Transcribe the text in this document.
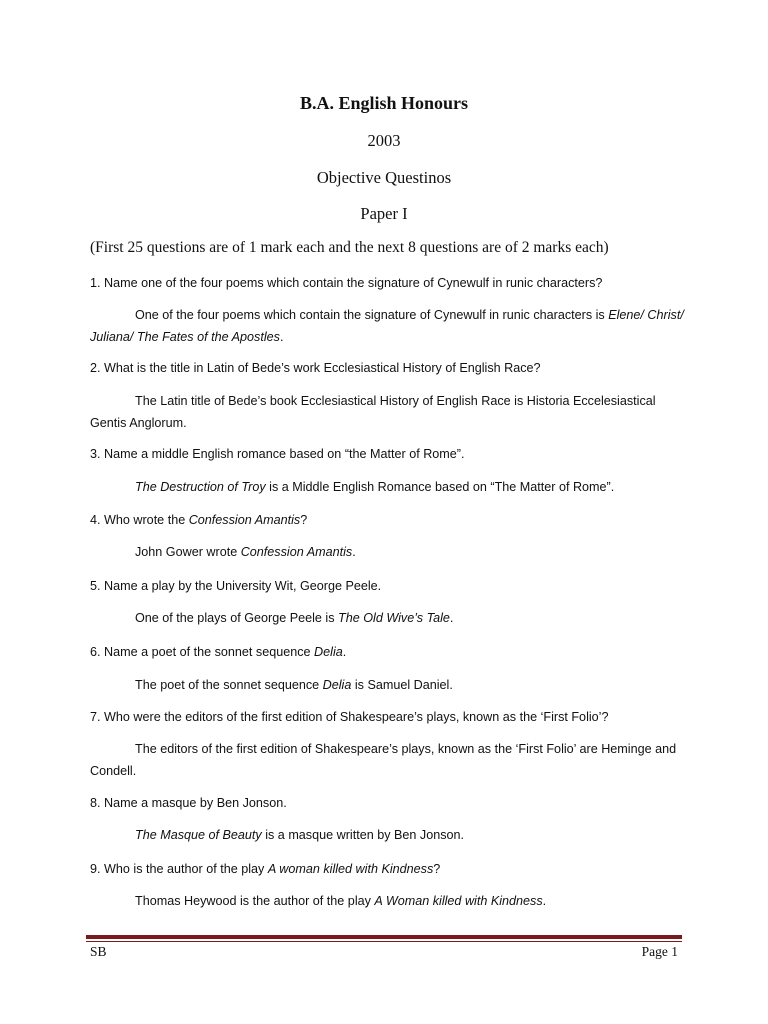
B.A. English Honours
2003
Objective Questinos
Paper I
(First 25 questions are of 1 mark each and the next 8 questions are of 2 marks each)
1. Name one of the four poems which contain the signature of Cynewulf in runic characters?
One of the four poems which contain the signature of Cynewulf in runic characters is Elene/ Christ/ Juliana/ The Fates of the Apostles.
2. What is the title in Latin of Bede’s work Ecclesiastical History of English Race?
The Latin title of Bede’s book Ecclesiastical History of English Race is Historia Eccelesiastical Gentis Anglorum.
3. Name a middle English romance based on “the Matter of Rome”.
The Destruction of Troy is a Middle English Romance based on “The Matter of Rome”.
4. Who wrote the Confession Amantis?
John Gower wrote Confession Amantis.
5. Name a play by the University Wit, George Peele.
One of the plays of George Peele is The Old Wive’s Tale.
6. Name a poet of the sonnet sequence Delia.
The poet of the sonnet sequence Delia is Samuel Daniel.
7. Who were the editors of the first edition of Shakespeare’s plays, known as the ‘First Folio’?
The editors of the first edition of Shakespeare’s plays, known as the ‘First Folio’ are Heminge and Condell.
8. Name a masque by Ben Jonson.
The Masque of Beauty is a masque written by Ben Jonson.
9. Who is the author of the play A woman killed with Kindness?
Thomas Heywood is the author of the play A Woman killed with Kindness.
SB	Page 1
